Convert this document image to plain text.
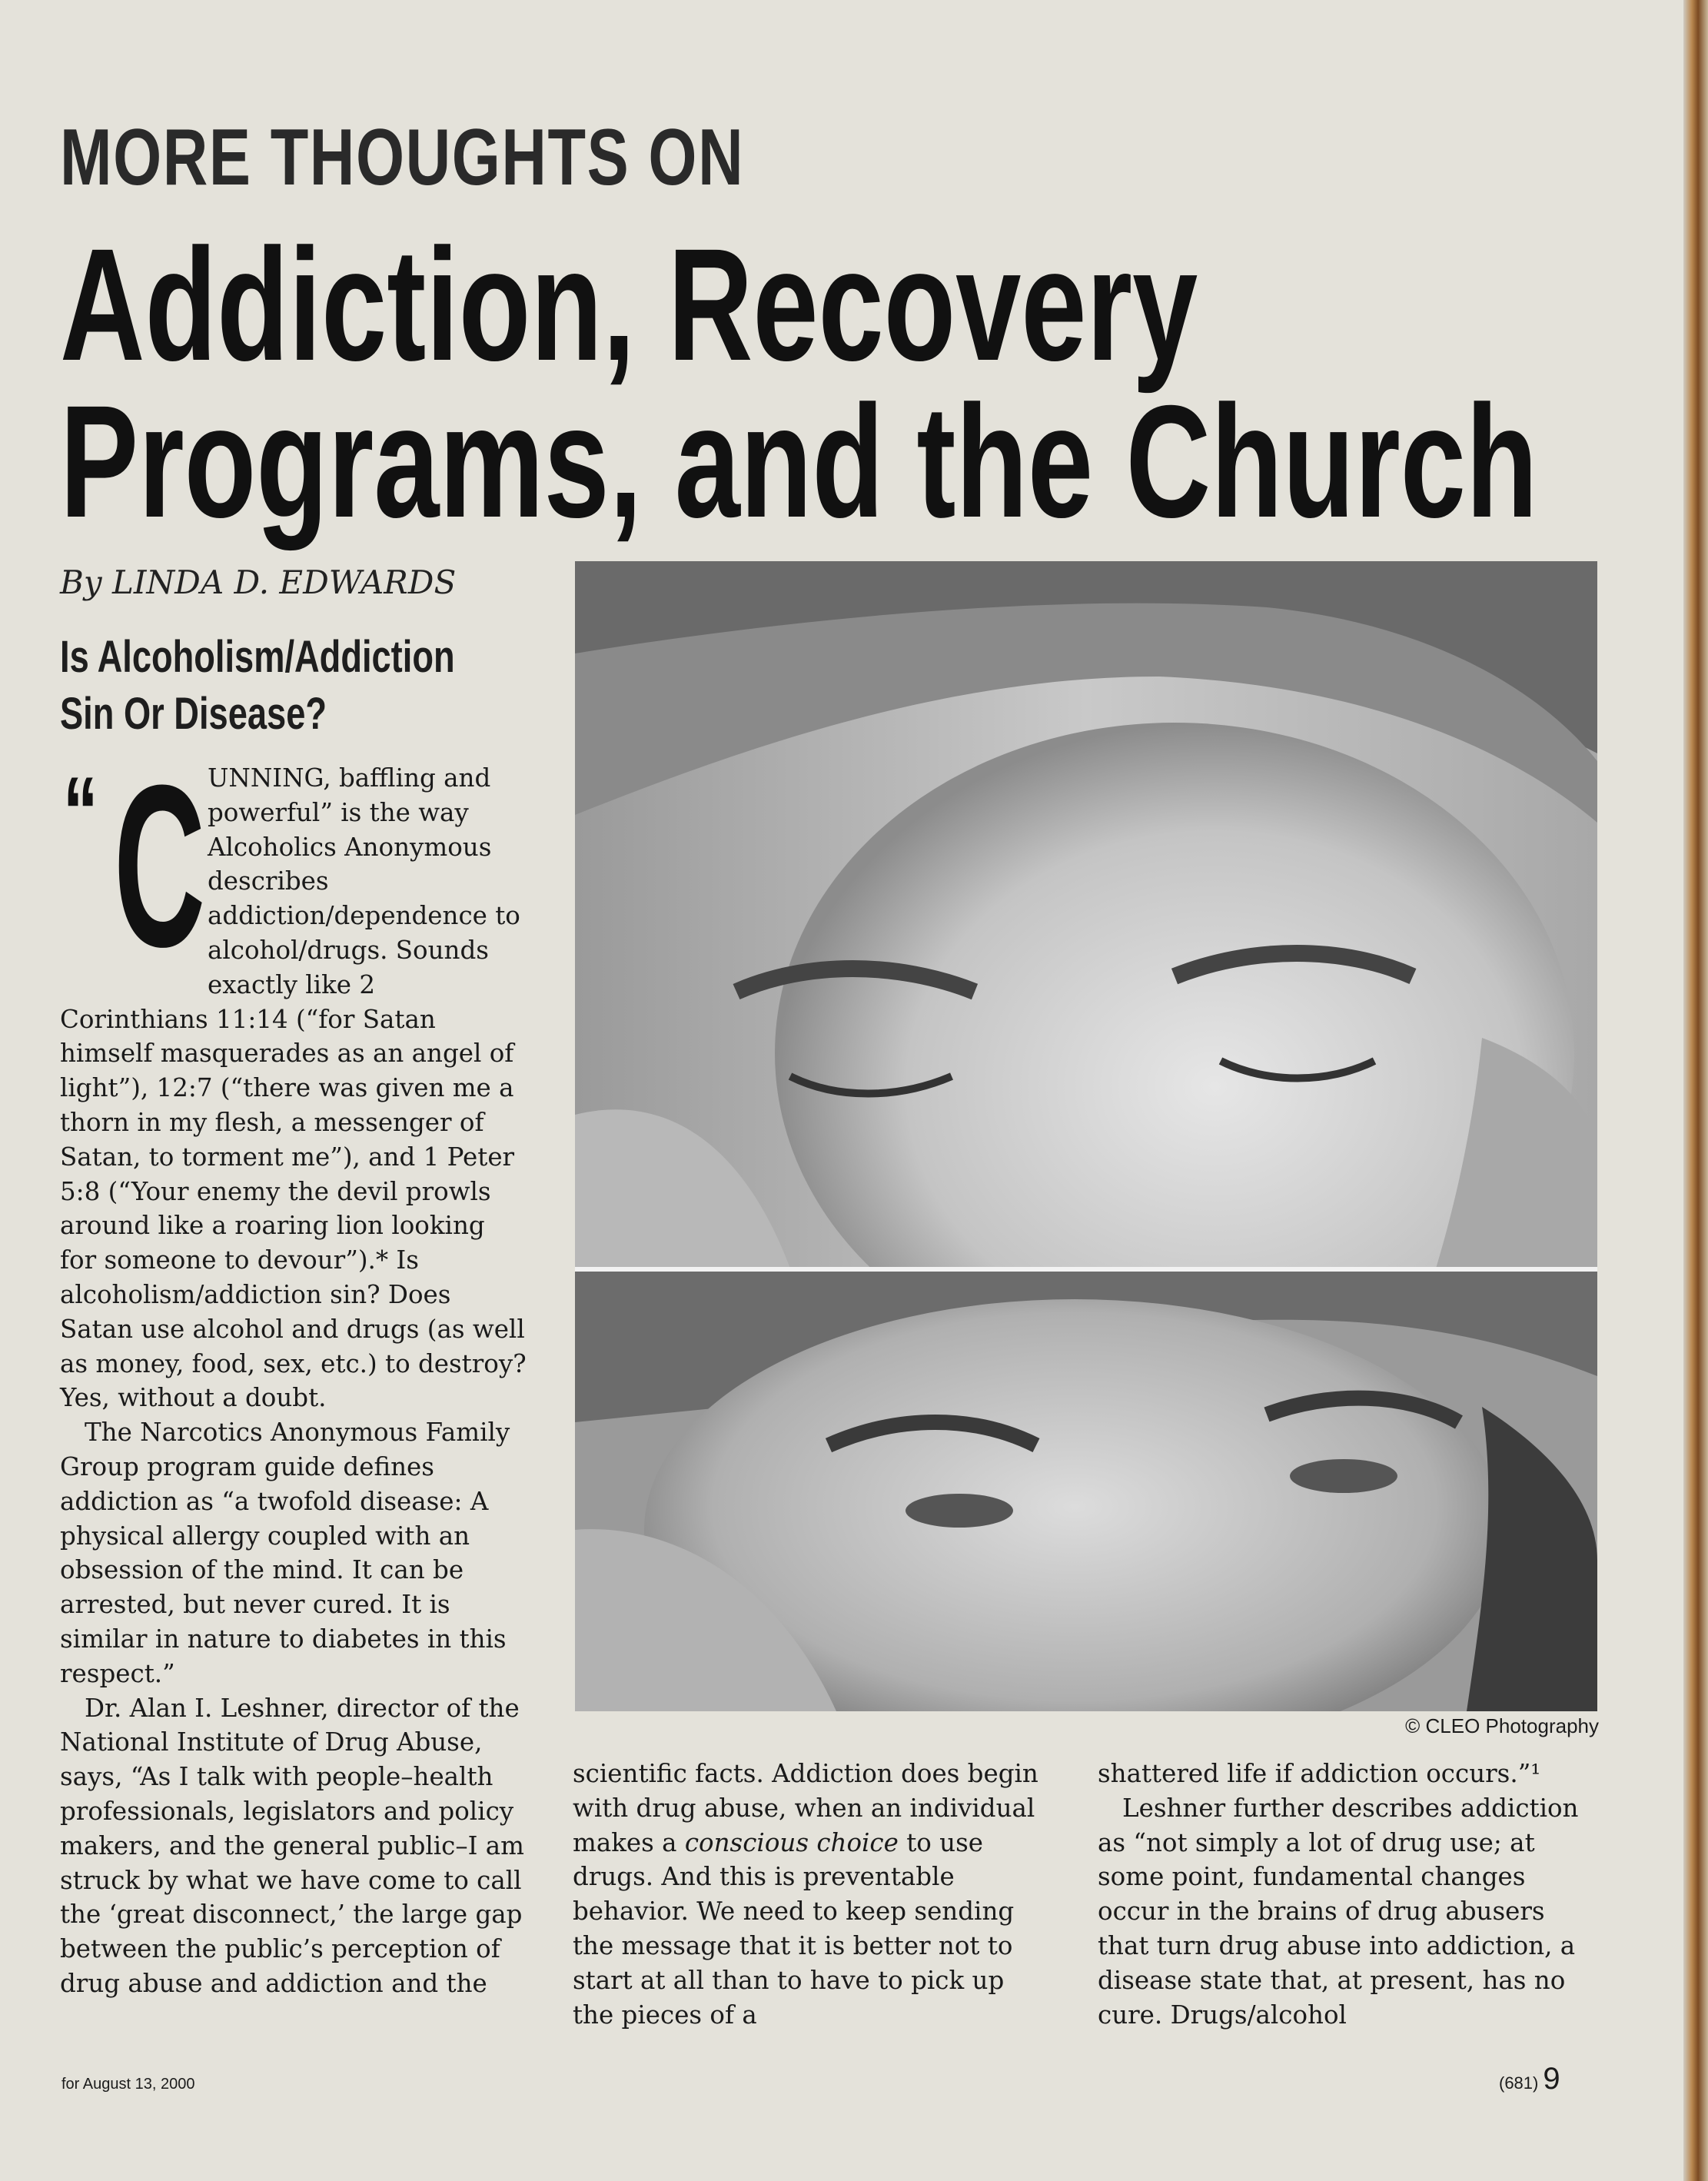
MORE THOUGHTS ON
Addiction, Recovery
Programs, and the Church
By LINDA D. EDWARDS
Is Alcoholism/Addiction
Sin Or Disease?

“ C UNNING, baffling and powerful” is the way Alcoholics Anonymous describes addiction/dependence to alcohol/drugs. Sounds exactly like 2 Corinthians 11:14 (“for Satan himself masquerades as an angel of light”), 12:7 (“there was given me a thorn in my flesh, a messenger of Satan, to torment me”), and 1 Peter 5:8 (“Your enemy the devil prowls around like a roaring lion looking for someone to devour”).* Is alcoholism/addiction sin? Does Satan use alcohol and drugs (as well as money, food, sex, etc.) to destroy? Yes, without a doubt.

The Narcotics Anonymous Family Group program guide defines addiction as “a twofold disease: A physical allergy coupled with an obsession of the mind. It can be arrested, but never cured. It is similar in nature to diabetes in this respect.”

Dr. Alan I. Leshner, director of the National Institute of Drug Abuse, says, “As I talk with people–health professionals, legislators and policy makers, and the general public–I am struck by what we have come to call the ‘great disconnect,’ the large gap between the public’s perception of drug abuse and addiction and the

© CLEO Photography

scientific facts. Addiction does begin with drug abuse, when an individual makes a conscious choice to use drugs. And this is preventable behavior. We need to keep sending the message that it is better not to start at all than to have to pick up the pieces of a

shattered life if addiction occurs.”¹

Leshner further describes addiction as “not simply a lot of drug use; at some point, fundamental changes occur in the brains of drug abusers that turn drug abuse into addiction, a disease state that, at present, has no cure. Drugs/alcohol

for August 13, 2000	(681) 9
